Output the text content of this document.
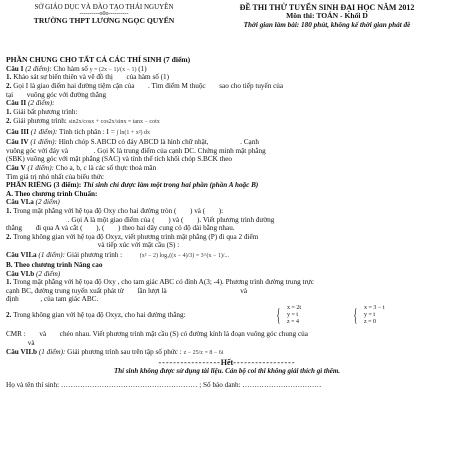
SỞ GIÁO DỤC VÀ ĐÀO TẠO THÁI NGUYÊN
----------o0o----------
TRƯỜNG THPT LƯƠNG NGỌC QUYẾN
ĐỀ THI THỬ TUYỂN SINH ĐẠI HỌC NĂM 2012
Môn thi: TOÁN - Khối D
Thời gian làm bài: 180 phút, không kể thời gian phát đề
PHẦN CHUNG CHO TẤT CẢ CÁC THÍ SINH (7 điểm)
Câu I (2 điểm): Cho hàm số y = (2x − 1)/(x − 1) (1)
1. Khảo sát sự biến thiên và vẽ đồ thị của hàm số (1)
2. Gọi I là giao điểm hai đường tiệm cận của . Tìm điểm M thuộc sao cho tiếp tuyến của
tại vuông góc với đường thẳng
Câu II (2 điểm):
1. Giải bất phương trình:
2. Giải phương trình: sin2x/cosx + cos2x/sinx = tanx − cotx
Câu III (1 điểm): Tính tích phân : I = ∫ ln(1 + x²) dx
Câu IV (1 điểm): Hình chóp S.ABCD có đáy ABCD là hình chữ nhật,	. Cạnh
vuông góc với đáy và	. Gọi K là trung điểm của cạnh DC. Chứng minh mặt phẳng
(SBK) vuông góc với mặt phẳng (SAC) và tính thể tích khối chóp S.BCK theo
Câu V (1 điểm): Cho a, b, c là các số thực thoả mãn
Tìm giá trị nhỏ nhất của biểu thức
PHẦN RIÊNG (3 điểm): Thí sinh chỉ được làm một trong hai phần (phần A hoặc B)
A. Theo chương trình Chuẩn:
Câu VI.a (2 điểm)
1. Trong mặt phẳng với hệ tọa độ Oxy cho hai đường tròn ( ) và ( ):
. Gọi A là một giao điểm của ( ) và ( ). Viết phương trình đường
thẳng đi qua A và cắt ( ), ( ) theo hai dây cung có độ dài bằng nhau.
2. Trong không gian với hệ tọa độ Oxyz, viết phương trình mặt phẳng (P) đi qua 2 điểm
và tiếp xúc với mặt cầu (S) :
Câu VII.a (1 điểm): Giải phương trình :	(x² − 2) log₃((x − 4)/3) = 3^(x − 1)/...
B. Theo chương trình Nâng cao
Câu VI.b (2 điểm)
1. Trong mặt phẳng với hệ tọa độ Oxy , cho tam giác ABC có đỉnh A(3; -4). Phương trình đường trung trực
cạnh BC, đường trung tuyến xuất phát từ lần lượt là	và
định	, của tam giác ABC.
2. Trong không gian với hệ tọa độ Oxyz, cho hai đường thẳng:	{ x = 2t
y = t
z = 4	{ x = 3 − t
y = t
z = 0
CMR : và chéo nhau. Viết phương trình mặt cầu (S) có đường kính là đoạn vuông góc chung của
và
Câu VII.b (1 điểm): Giải phương trình sau trên tập số phức : z − 25/z = 8 − 6i
-----------------Hết-----------------
Thí sinh không được sử dụng tài liệu. Cán bộ coi thi không giải thích gì thêm.
Họ và tên thí sinh: ………………………………………………… ; Số báo danh: ……………………………
